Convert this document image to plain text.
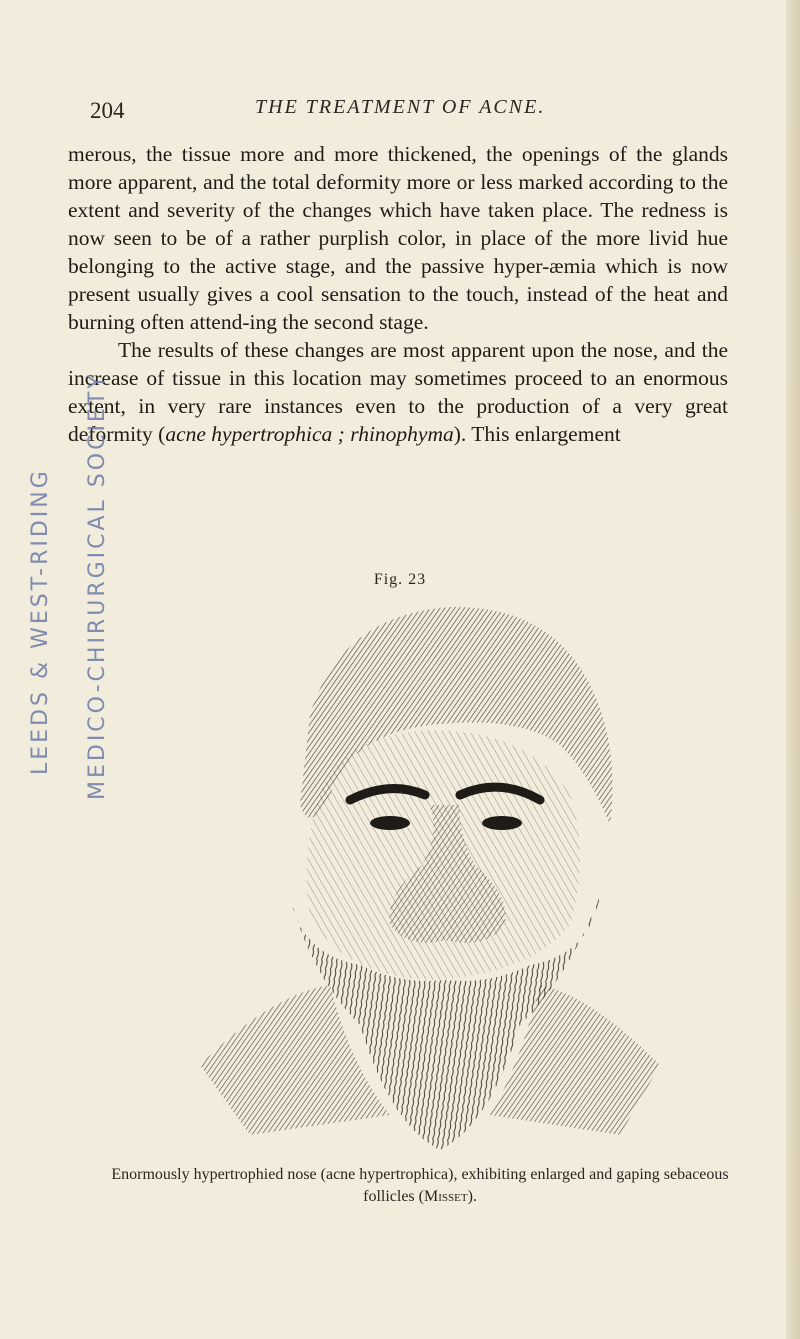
204	THE TREATMENT OF ACNE.

merous, the tissue more and more thickened, the openings of the glands more apparent, and the total deformity more or less marked according to the extent and severity of the changes which have taken place. The redness is now seen to be of a rather purplish color, in place of the more livid hue belonging to the active stage, and the passive hyper-æmia which is now present usually gives a cool sensation to the touch, instead of the heat and burning often attend-ing the second stage.

The results of these changes are most apparent upon the nose, and the increase of tissue in this location may sometimes proceed to an enormous extent, in very rare instances even to the production of a very great deformity (acne hypertrophica ; rhinophyma). This enlargement

Fig. 23
LEEDS & WEST-RIDING MEDICO-CHIRURGICAL SOCIETY
Enormously hypertrophied nose (acne hypertrophica), exhibiting enlarged and gaping sebaceous follicles (Misset).
